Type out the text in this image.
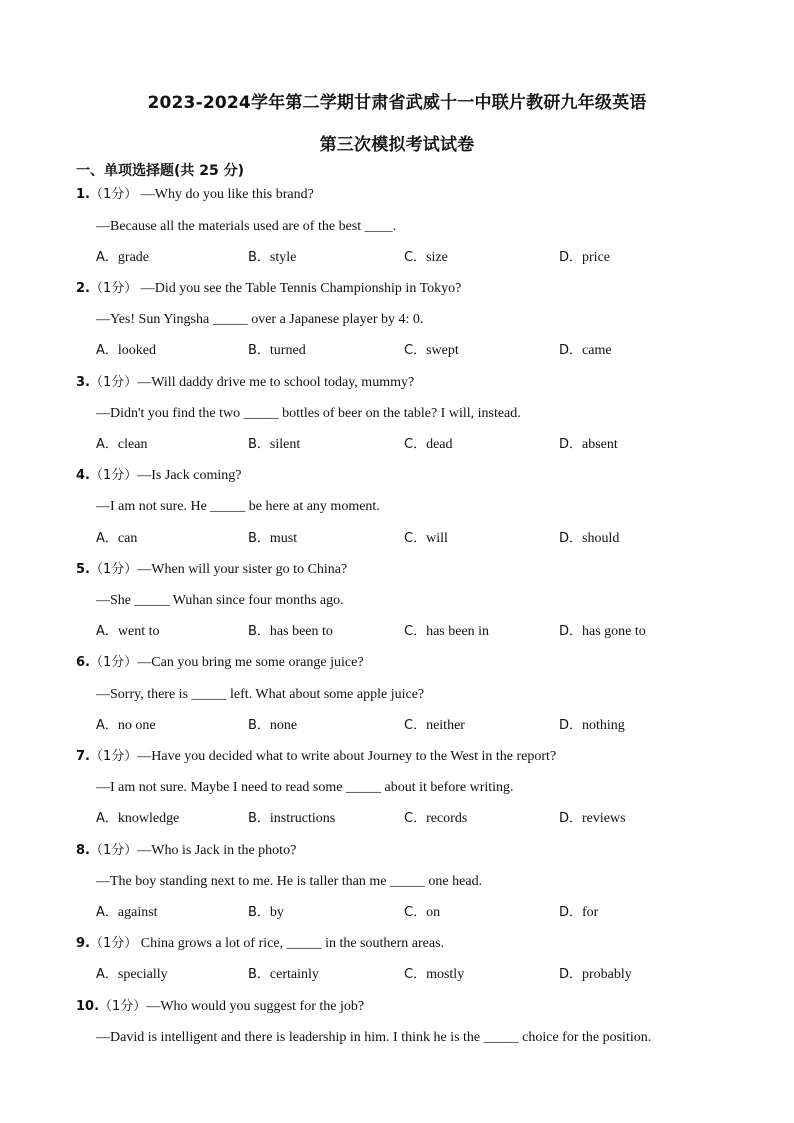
2023-2024学年第二学期甘肃省武威十一中联片教研九年级英语
第三次模拟考试试卷
一、单项选择题(共 25 分)
1.（1分） —Why do you like this brand?
—Because all the materials used are of the best ____.
A．grade	B．style	C．size	D．price
2.（1分） —Did you see the Table Tennis Championship in Tokyo?
—Yes! Sun Yingsha _____ over a Japanese player by 4: 0.
A．looked	B．turned	C．swept	D．came
3.（1分）—Will daddy drive me to school today, mummy?
—Didn't you find the two _____ bottles of beer on the table? I will, instead.
A．clean	B．silent	C．dead	D．absent
4.（1分）—Is Jack coming?
—I am not sure. He _____ be here at any moment.
A．can	B．must	C．will	D．should
5.（1分）—When will your sister go to China?
—She _____ Wuhan since four months ago.
A．went to	B．has been to	C．has been in	D．has gone to
6.（1分）—Can you bring me some orange juice?
—Sorry, there is _____ left. What about some apple juice?
A．no one	B．none	C．neither	D．nothing
7.（1分）—Have you decided what to write about Journey to the West in the report?
—I am not sure. Maybe I need to read some _____ about it before writing.
A．knowledge	B．instructions	C．records	D．reviews
8.（1分）—Who is Jack in the photo?
—The boy standing next to me. He is taller than me _____ one head.
A．against	B．by	C．on	D．for
9.（1分） China grows a lot of rice, _____ in the southern areas.
A．specially	B．certainly	C．mostly	D．probably
10.（1分）—Who would you suggest for the job?
—David is intelligent and there is leadership in him. I think he is the _____ choice for the position.
